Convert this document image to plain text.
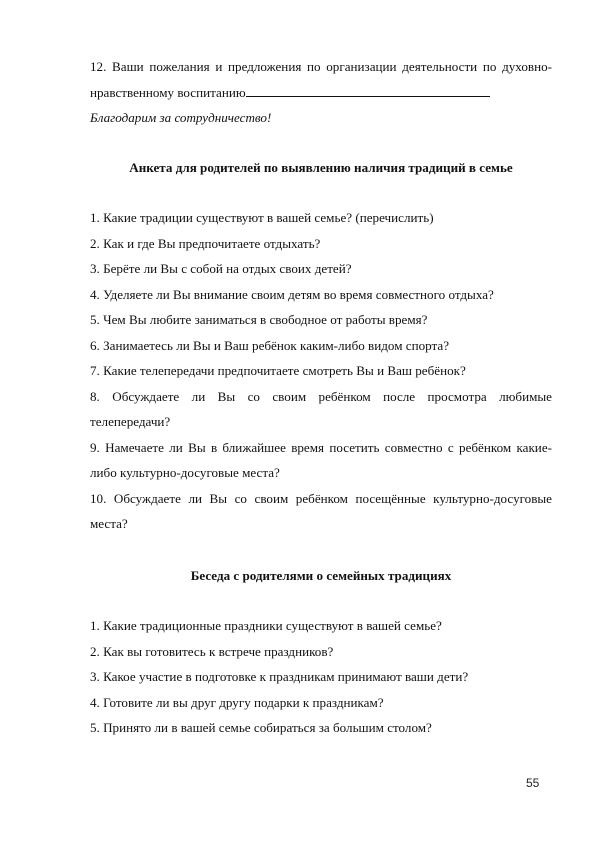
12. Ваши пожелания и предложения по организации деятельности по духовно-
нравственному воспитанию
Благодарим за сотрудничество!
Анкета для родителей по выявлению наличия традиций в семье
1. Какие традиции существуют в вашей семье? (перечислить)
2. Как и где Вы предпочитаете отдыхать?
3. Берёте ли Вы с собой на отдых своих детей?
4. Уделяете ли Вы внимание своим детям во время совместного отдыха?
5. Чем Вы любите заниматься в свободное от работы время?
6. Занимаетесь ли Вы и Ваш ребёнок каким-либо видом спорта?
7. Какие телепередачи предпочитаете смотреть Вы и Ваш ребёнок?
8. Обсуждаете ли Вы со своим ребёнком после просмотра любимые
телепередачи?
9. Намечаете ли Вы в ближайшее время посетить совместно с ребёнком какие-
либо культурно-досуговые места?
10. Обсуждаете ли Вы со своим ребёнком посещённые культурно-досуговые
места?
Беседа с родителями о семейных традициях
1. Какие традиционные праздники существуют в вашей семье?
2. Как вы готовитесь к встрече праздников?
3. Какое участие в подготовке к праздникам принимают ваши дети?
4. Готовите ли вы друг другу подарки к праздникам?
5. Принято ли в вашей семье собираться за большим столом?
55
